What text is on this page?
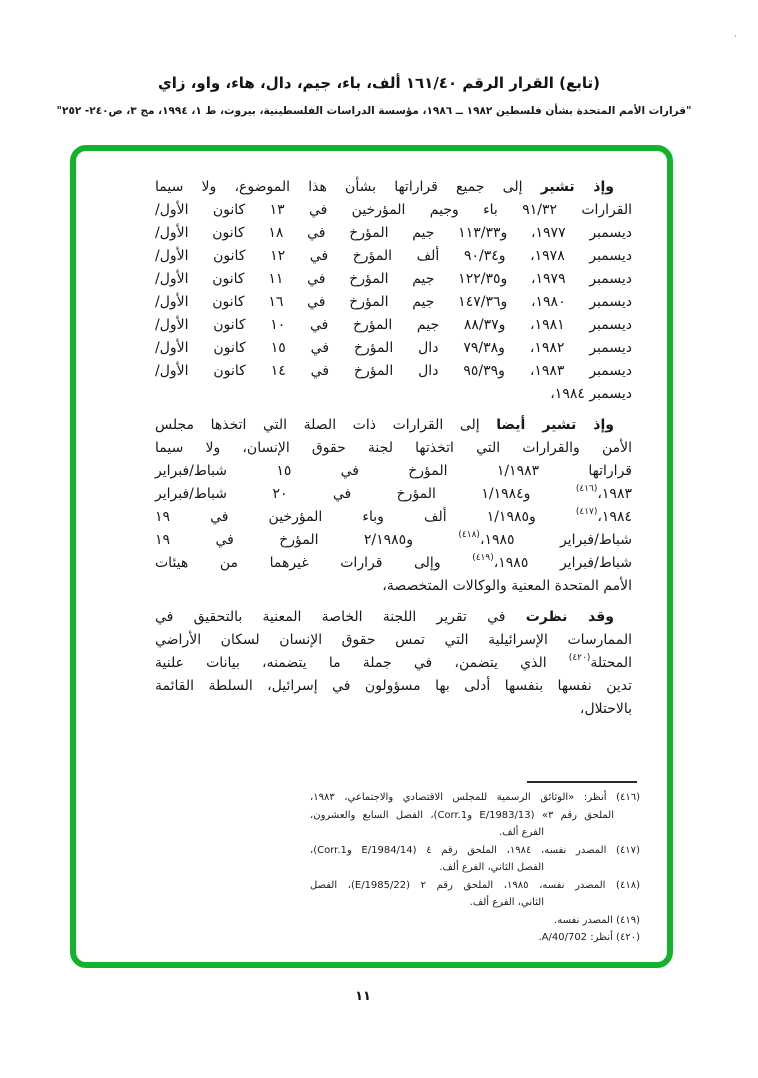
٬
(تابع) القرار الرقم ١٦١/٤٠ ألف، باء، جيم، دال، هاء، واو، زاي
"قرارات الأمم المتحدة بشأن فلسطين ١٩٨٢ ــ ١٩٨٦، مؤسسة الدراسات الفلسطينية، بيروت، ط ١، ١٩٩٤، مج ٣، ص٢٤٠- ٢٥٢"
وإذ تشير إلى جميع قراراتها بشأن هذا الموضوع، ولا سيما
القرارات ٩١/٣٢ باء وجيم المؤرخين في ١٣ كانون الأول/
ديسمبر ١٩٧٧، و١١٣/٣٣ جيم المؤرخ في ١٨ كانون الأول/
ديسمبر ١٩٧٨، و٩٠/٣٤ ألف المؤرخ في ١٢ كانون الأول/
ديسمبر ١٩٧٩، و١٢٢/٣٥ جيم المؤرخ في ١١ كانون الأول/
ديسمبر ١٩٨٠، و١٤٧/٣٦ جيم المؤرخ في ١٦ كانون الأول/
ديسمبر ١٩٨١، و٨٨/٣٧ جيم المؤرخ في ١٠ كانون الأول/
ديسمبر ١٩٨٢، و٧٩/٣٨ دال المؤرخ في ١٥ كانون الأول/
ديسمبر ١٩٨٣، و٩٥/٣٩ دال المؤرخ في ١٤ كانون الأول/
ديسمبر ١٩٨٤،
وإذ تشير أيضا إلى القرارات ذات الصلة التي اتخذها مجلس
الأمن والقرارات التي اتخذتها لجنة حقوق الإنسان، ولا سيما
قراراتها ١/١٩٨٣ المؤرخ في ١٥ شباط/فبراير
١٩٨٣،$^{(٤١٦)}$ و١/١٩٨٤ المؤرخ في ٢٠ شباط/فبراير
١٩٨٤،$^{(٤١٧)}$ و١/١٩٨٥ ألف وباء المؤرخين في ١٩
شباط/فبراير ١٩٨٥،$^{(٤١٨)}$ و٢/١٩٨٥ المؤرخ في ١٩
شباط/فبراير ١٩٨٥،$^{(٤١٩)}$ وإلى قرارات غيرهما من هيئات
الأمم المتحدة المعنية والوكالات المتخصصة،
وقد نظرت في تقرير اللجنة الخاصة المعنية بالتحقيق في
الممارسات الإسرائيلية التي تمس حقوق الإنسان لسكان الأراضي
المحتلة$^{(٤٢٠)}$ الذي يتضمن، في جملة ما يتضمنه، بيانات علنية
تدين نفسها بنفسها أدلى بها مسؤولون في إسرائيل، السلطة القائمة
بالاحتلال،
(٤١٦) أنظر: «الوثائق الرسمية للمجلس الاقتصادي والاجتماعي، ١٩٨٣،
الملحق رقم ٣» (E/1983/13 وCorr.1)، الفصل السابع والعشرون،
الفرع ألف.
(٤١٧) المصدر نفسه، ١٩٨٤، الملحق رقم ٤ (E/1984/14 وCorr.1)،
الفصل الثاني، الفرع ألف.
(٤١٨) المصدر نفسه، ١٩٨٥، الملحق رقم ٢ (E/1985/22)، الفصل
الثاني، الفرع ألف.
(٤١٩) المصدر نفسه.
(٤٢٠) أنظر: A/40/702.
١١
